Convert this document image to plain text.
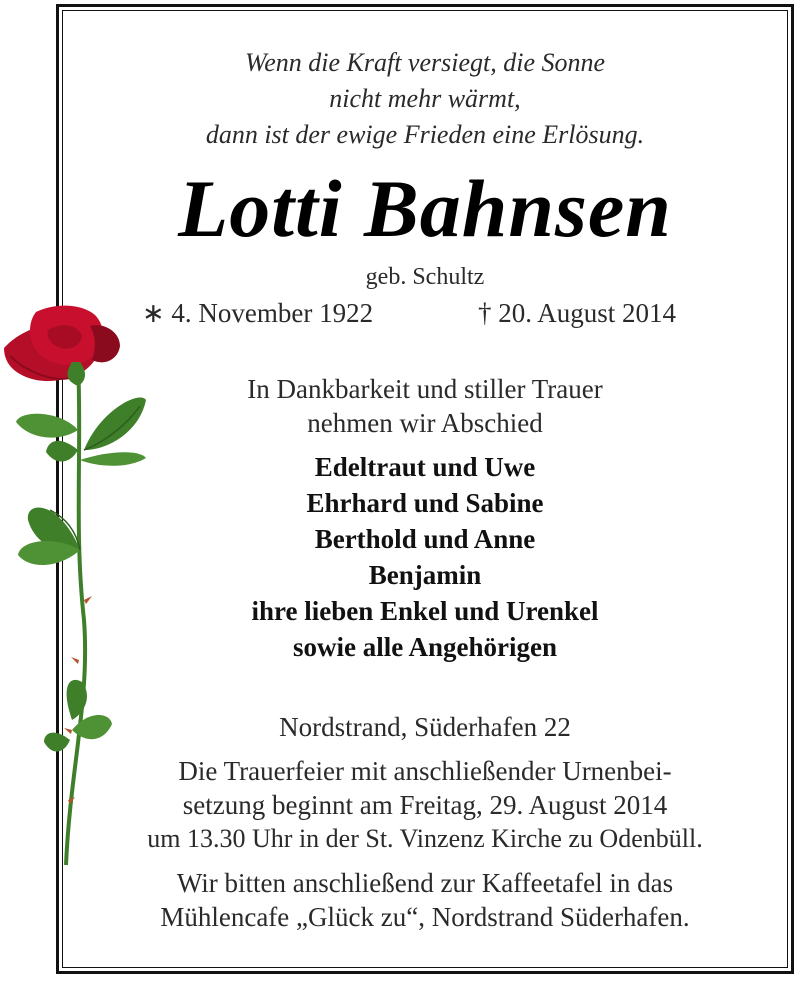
Wenn die Kraft versiegt, die Sonne
nicht mehr wärmt,
dann ist der ewige Frieden eine Erlösung.
Lotti Bahnsen
geb. Schultz
∗ 4. November 1922	† 20. August 2014
In Dankbarkeit und stiller Trauer
nehmen wir Abschied
Edeltraut und Uwe
Ehrhard und Sabine
Berthold und Anne
Benjamin
ihre lieben Enkel und Urenkel
sowie alle Angehörigen
Nordstrand, Süderhafen 22
Die Trauerfeier mit anschließender Urnenbei-
setzung beginnt am Freitag, 29. August 2014
um 13.30 Uhr in der St. Vinzenz Kirche zu Odenbüll.
Wir bitten anschließend zur Kaffeetafel in das
Mühlencafe „Glück zu“, Nordstrand Süderhafen.
